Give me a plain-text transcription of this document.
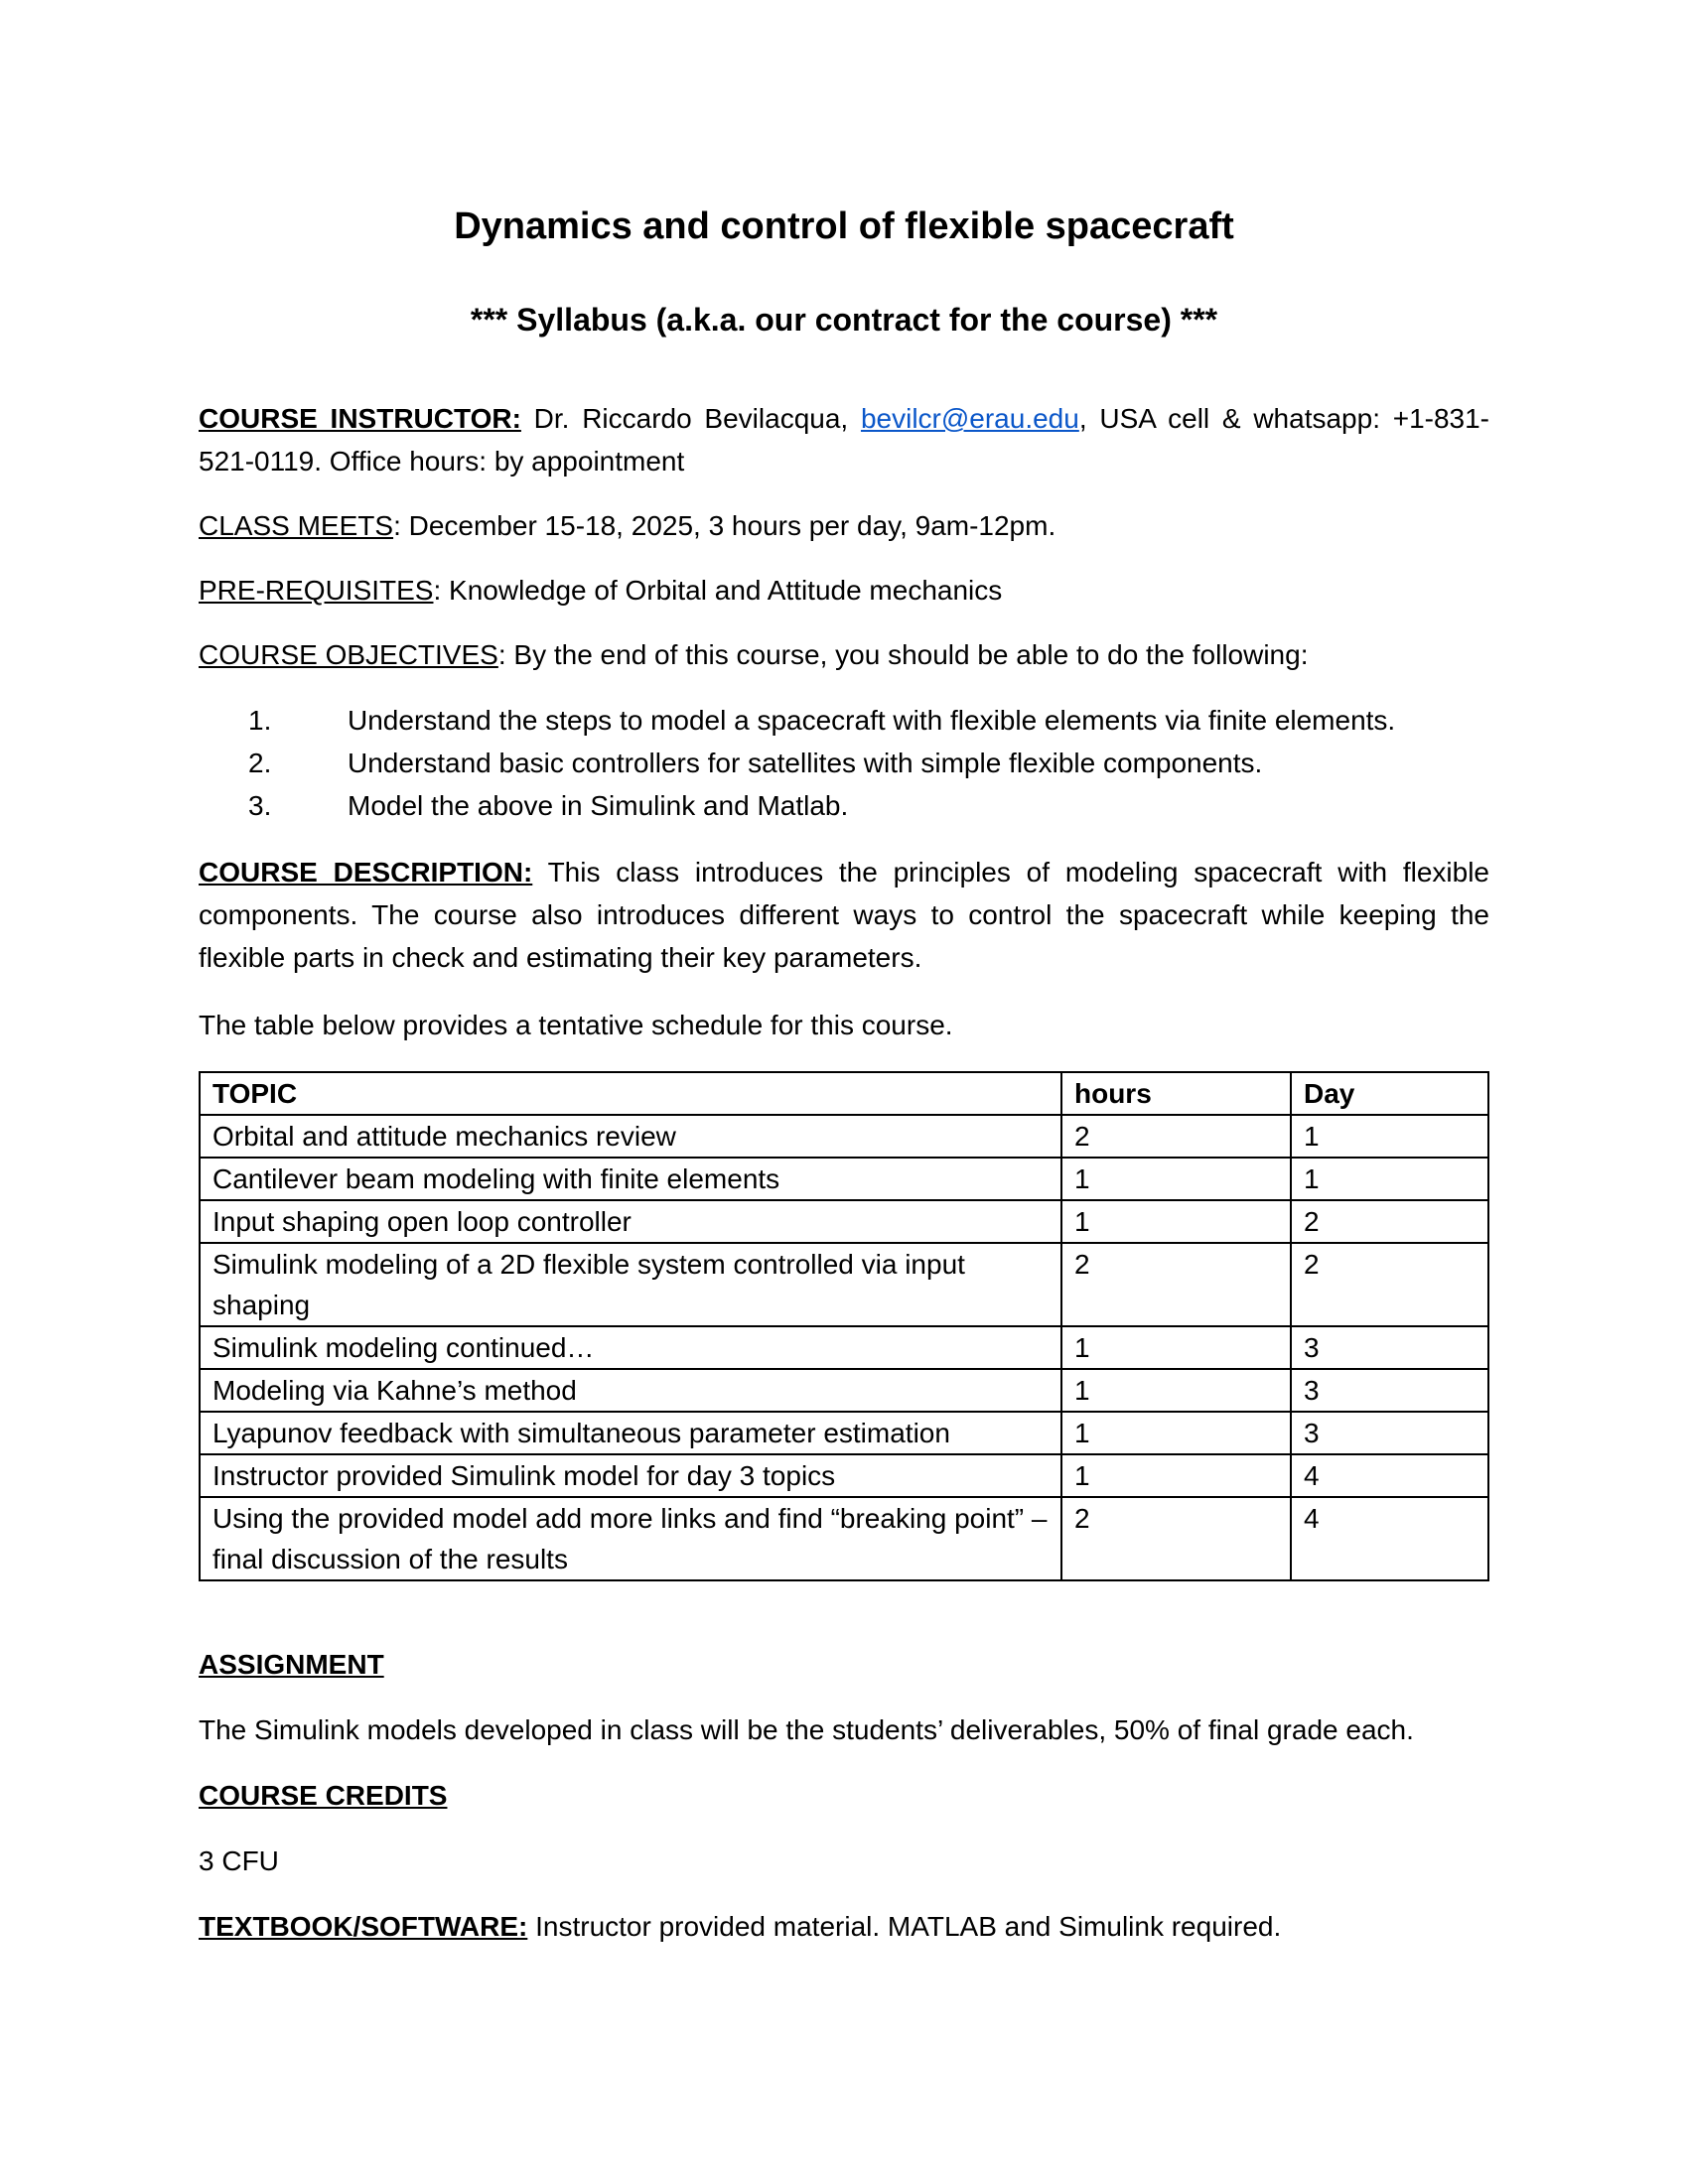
Dynamics and control of flexible spacecraft
*** Syllabus (a.k.a. our contract for the course) ***
COURSE INSTRUCTOR: Dr. Riccardo Bevilacqua, bevilcr@erau.edu, USA cell & whatsapp: +1-831-521-0119. Office hours: by appointment
CLASS MEETS: December 15-18, 2025, 3 hours per day, 9am-12pm.
PRE-REQUISITES: Knowledge of Orbital and Attitude mechanics
COURSE OBJECTIVES: By the end of this course, you should be able to do the following:
1.	Understand the steps to model a spacecraft with flexible elements via finite elements.
2.	Understand basic controllers for satellites with simple flexible components.
3.	Model the above in Simulink and Matlab.
COURSE DESCRIPTION: This class introduces the principles of modeling spacecraft with flexible components. The course also introduces different ways to control the spacecraft while keeping the flexible parts in check and estimating their key parameters.
The table below provides a tentative schedule for this course.
TOPIC	hours	Day
Orbital and attitude mechanics review	2	1
Cantilever beam modeling with finite elements	1	1
Input shaping open loop controller	1	2
Simulink modeling of a 2D flexible system controlled via input shaping	2	2
Simulink modeling continued…	1	3
Modeling via Kahne’s method	1	3
Lyapunov feedback with simultaneous parameter estimation	1	3
Instructor provided Simulink model for day 3 topics	1	4
Using the provided model add more links and find “breaking point” – final discussion of the results	2	4
ASSIGNMENT
The Simulink models developed in class will be the students’ deliverables, 50% of final grade each.
COURSE CREDITS
3 CFU
TEXTBOOK/SOFTWARE: Instructor provided material. MATLAB and Simulink required.
